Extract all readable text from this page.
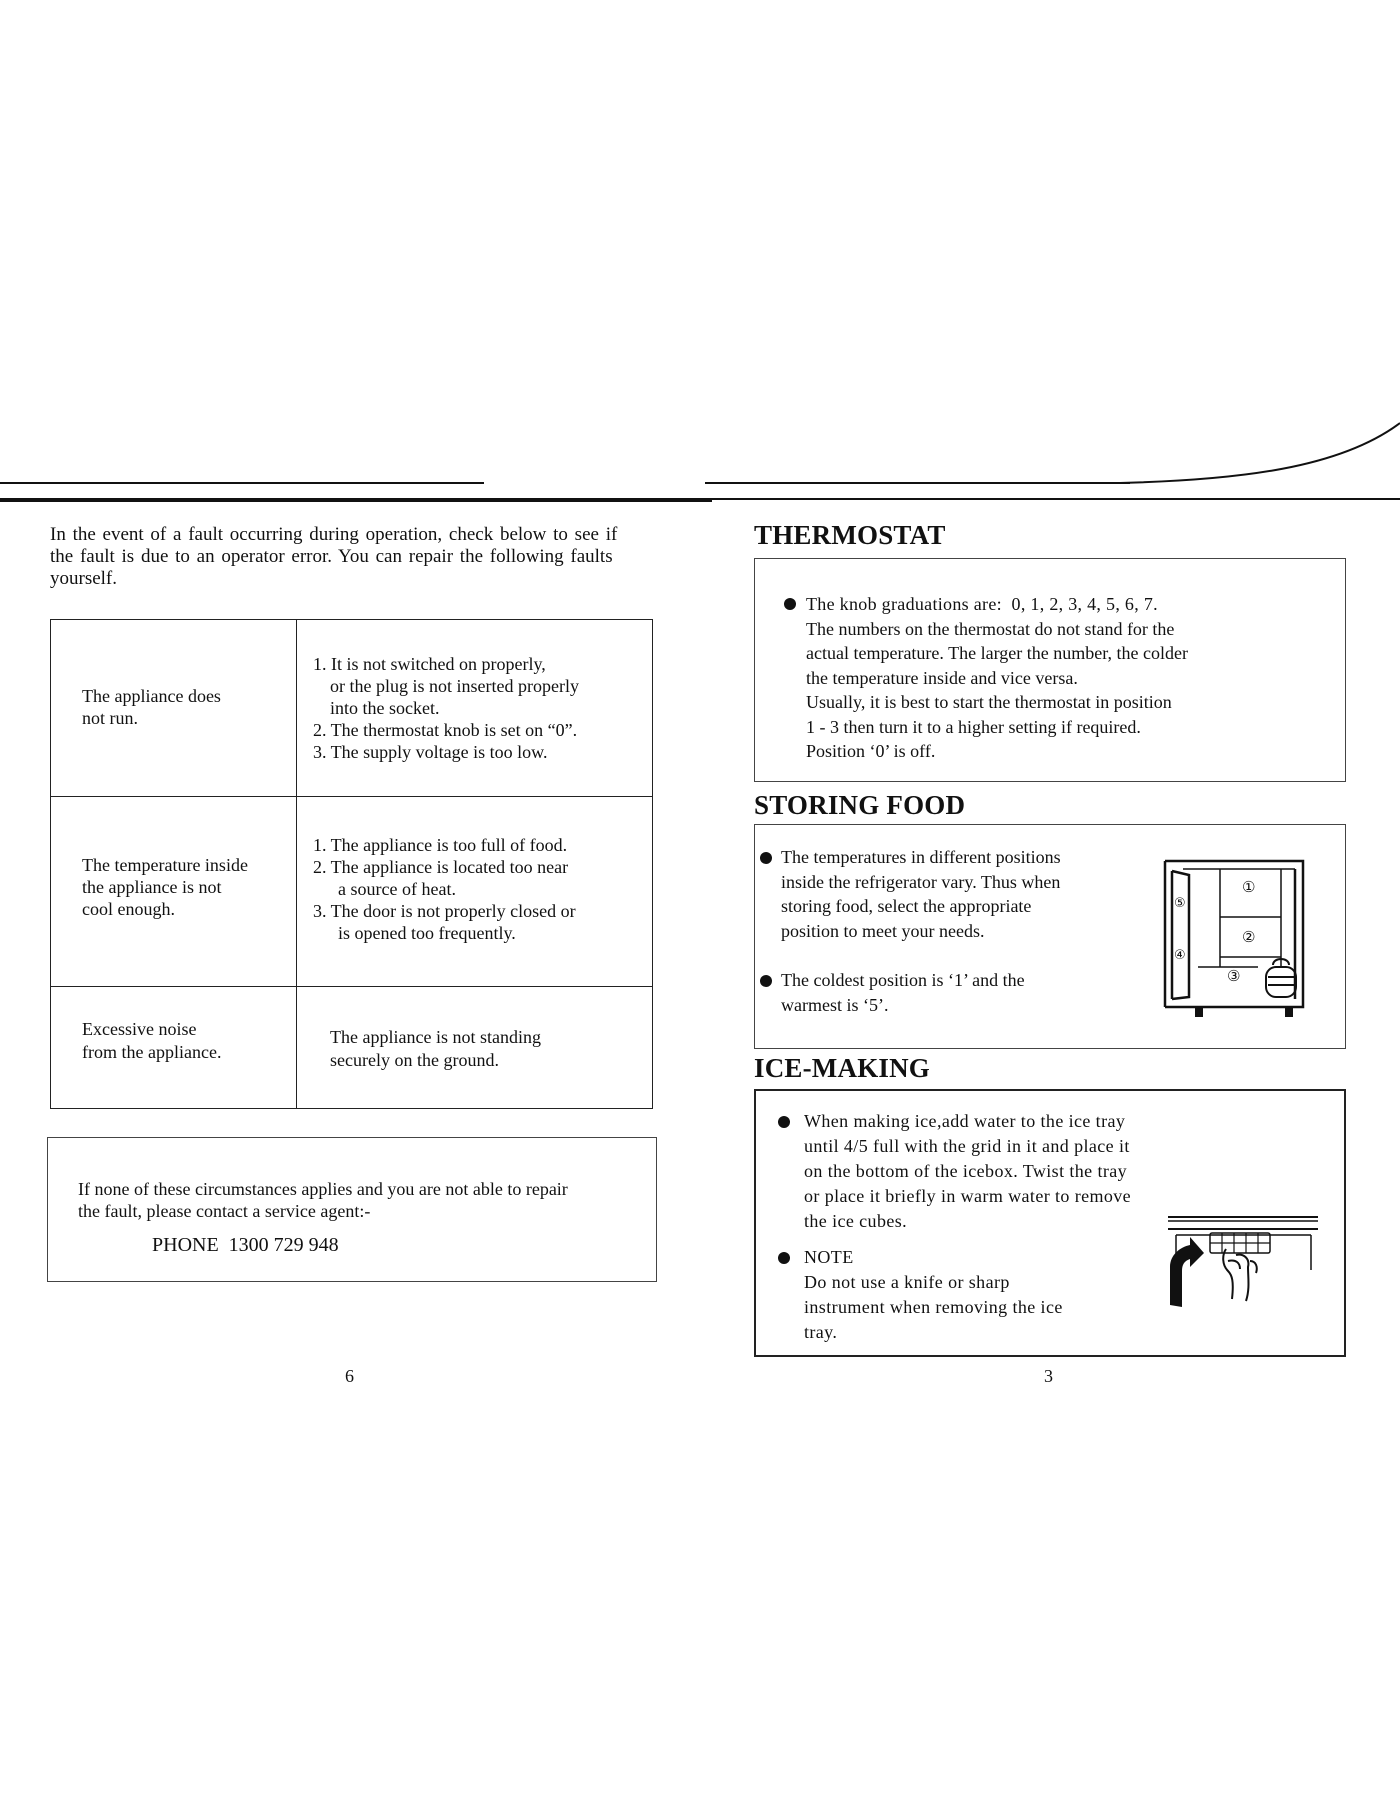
In the event of a fault occurring during operation, check below to see if
the fault is due to an operator error. You can repair the following faults
yourself.
The appliance does
not run.
1. It is not switched on properly,
or the plug is not inserted properly
into the socket.
2. The thermostat knob is set on “0”.
3. The supply voltage is too low.
The temperature inside
the appliance is not
cool enough.
1. The appliance is too full of food.
2. The appliance is located too near
a source of heat.
3. The door is not properly closed or
is opened too frequently.
Excessive noise
from the appliance.
The appliance is not standing
securely on the ground.
If none of these circumstances applies and you are not able to repair
the fault, please contact a service agent:-
PHONE  1300 729 948
6
THERMOSTAT
The knob graduations are:  0, 1, 2, 3, 4, 5, 6, 7.
The numbers on the thermostat do not stand for the
actual temperature. The larger the number, the colder
the temperature inside and vice versa.
Usually, it is best to start the thermostat in position
1 - 3 then turn it to a higher setting if required.
Position ‘0’ is off.
STORING FOOD
The temperatures in different positions
inside the refrigerator vary. Thus when
storing food, select the appropriate
position to meet your needs.
The coldest position is ‘1’ and the
warmest is ‘5’.
①
②
③
④
⑤
ICE-MAKING
When making ice,add water to the ice tray
until 4/5 full with the grid in it and place it
on the bottom of the icebox. Twist the tray
or place it briefly in warm water to remove
the ice cubes.
NOTE
Do not use a knife or sharp
instrument when removing the ice
tray.
3
